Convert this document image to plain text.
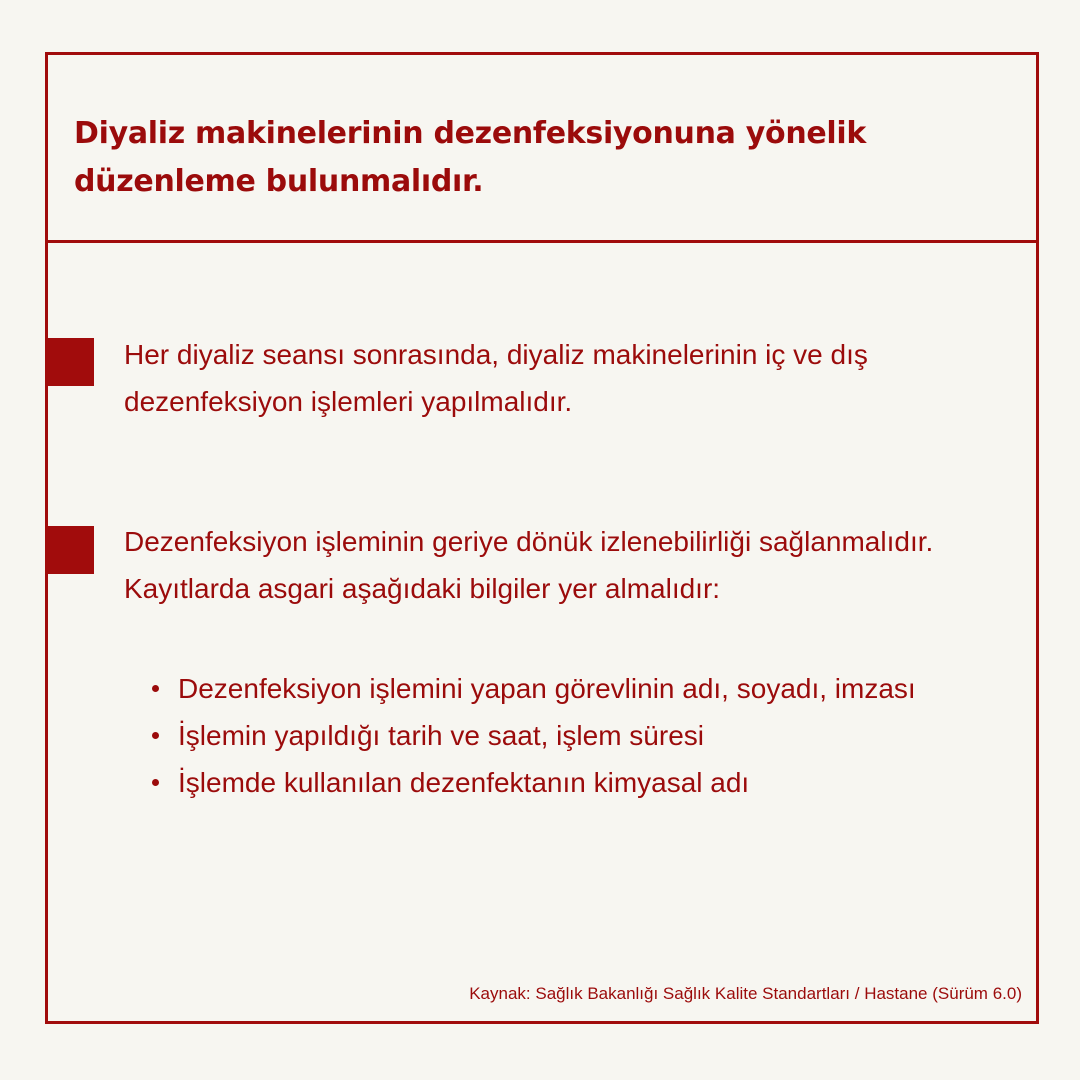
Diyaliz makinelerinin dezenfeksiyonuna yönelik düzenleme bulunmalıdır.

Her diyaliz seansı sonrasında, diyaliz makinelerinin iç ve dış dezenfeksiyon işlemleri yapılmalıdır.

Dezenfeksiyon işleminin geriye dönük izlenebilirliği sağlanmalıdır. Kayıtlarda asgari aşağıdaki bilgiler yer almalıdır:

Dezenfeksiyon işlemini yapan görevlinin adı, soyadı, imzası
İşlemin yapıldığı tarih ve saat, işlem süresi
İşlemde kullanılan dezenfektanın kimyasal adı

Kaynak: Sağlık Bakanlığı Sağlık Kalite Standartları / Hastane (Sürüm 6.0)
